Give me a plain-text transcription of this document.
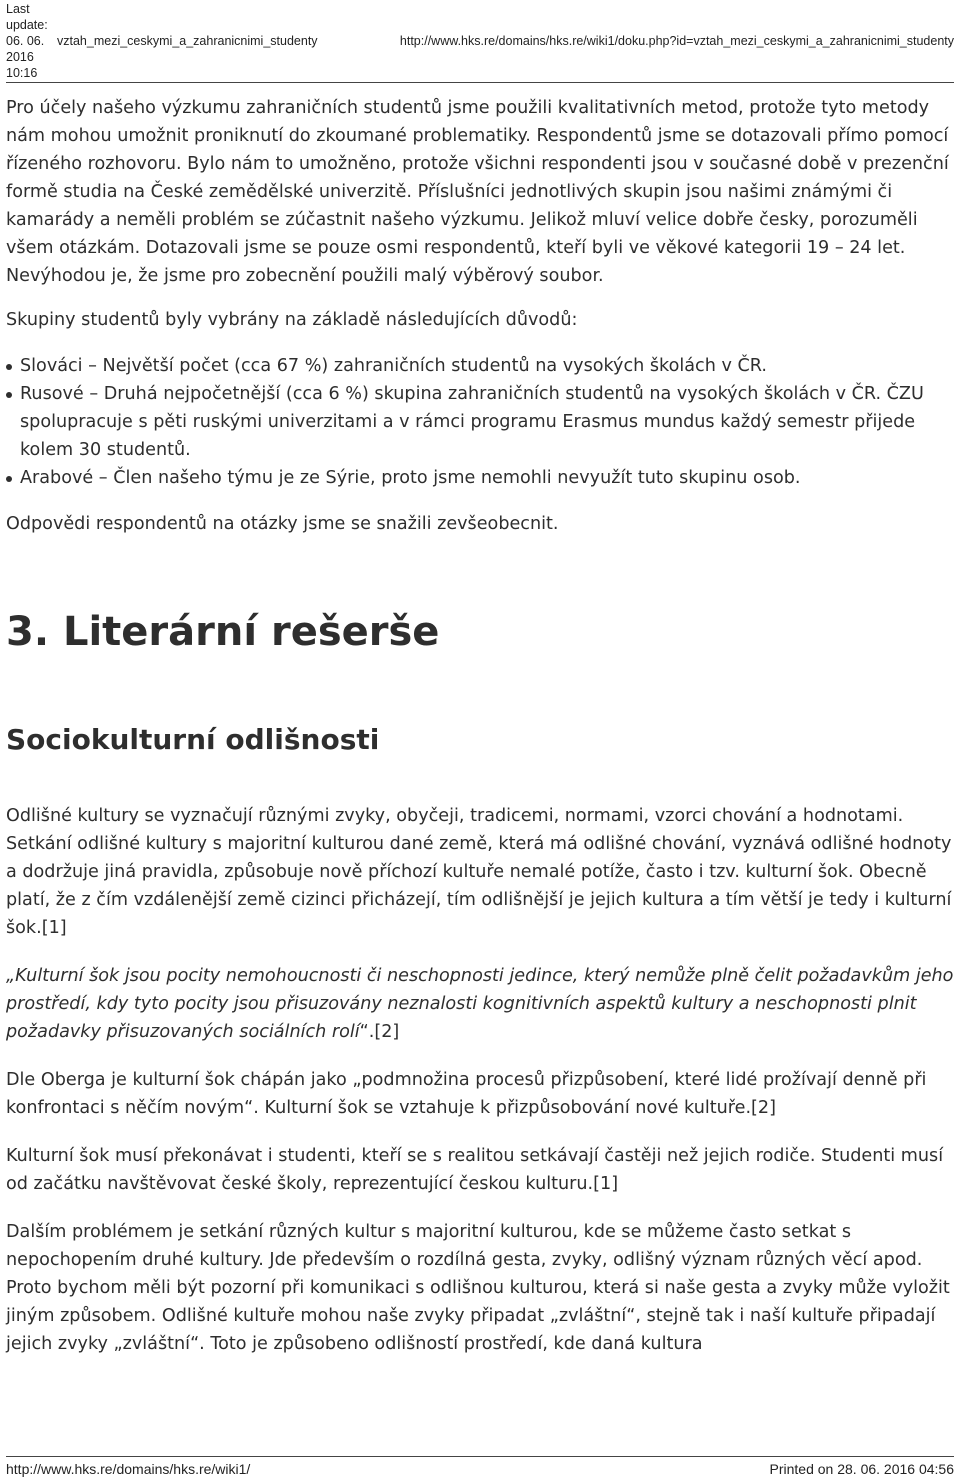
Last
update:
06. 06.
2016
10:16
vztah_mezi_ceskymi_a_zahranicnimi_studenty	http://www.hks.re/domains/hks.re/wiki1/doku.php?id=vztah_mezi_ceskymi_a_zahranicnimi_studenty

Pro účely našeho výzkumu zahraničních studentů jsme použili kvalitativních metod, protože tyto metody nám mohou umožnit proniknutí do zkoumané problematiky. Respondentů jsme se dotazovali přímo pomocí řízeného rozhovoru. Bylo nám to umožněno, protože všichni respondenti jsou v současné době v prezenční formě studia na České zemědělské univerzitě. Příslušníci jednotlivých skupin jsou našimi známými či kamarády a neměli problém se zúčastnit našeho výzkumu. Jelikož mluví velice dobře česky, porozuměli všem otázkám. Dotazovali jsme se pouze osmi respondentů, kteří byli ve věkové kategorii 19 – 24 let. Nevýhodou je, že jsme pro zobecnění použili malý výběrový soubor.

Skupiny studentů byly vybrány na základě následujících důvodů:

Slováci – Největší počet (cca 67 %) zahraničních studentů na vysokých školách v ČR.
Rusové – Druhá nejpočetnější (cca 6 %) skupina zahraničních studentů na vysokých školách v ČR. ČZU spolupracuje s pěti ruskými univerzitami a v rámci programu Erasmus mundus každý semestr přijede kolem 30 studentů.
Arabové – Člen našeho týmu je ze Sýrie, proto jsme nemohli nevyužít tuto skupinu osob.

Odpovědi respondentů na otázky jsme se snažili zevšeobecnit.

3. Literární rešerše
Sociokulturní odlišnosti

Odlišné kultury se vyznačují různými zvyky, obyčeji, tradicemi, normami, vzorci chování a hodnotami. Setkání odlišné kultury s majoritní kulturou dané země, která má odlišné chování, vyznává odlišné hodnoty a dodržuje jiná pravidla, způsobuje nově příchozí kultuře nemalé potíže, často i tzv. kulturní šok. Obecně platí, že z čím vzdálenější země cizinci přicházejí, tím odlišnější je jejich kultura a tím větší je tedy i kulturní šok.[1]

„Kulturní šok jsou pocity nemohoucnosti či neschopnosti jedince, který nemůže plně čelit požadavkům jeho prostředí, kdy tyto pocity jsou přisuzovány neznalosti kognitivních aspektů kultury a neschopnosti plnit požadavky přisuzovaných sociálních rolí“.[2]

Dle Oberga je kulturní šok chápán jako „podmnožina procesů přizpůsobení, které lidé prožívají denně při konfrontaci s něčím novým“. Kulturní šok se vztahuje k přizpůsobování nové kultuře.[2]

Kulturní šok musí překonávat i studenti, kteří se s realitou setkávají častěji než jejich rodiče. Studenti musí od začátku navštěvovat české školy, reprezentující českou kulturu.[1]

Dalším problémem je setkání různých kultur s majoritní kulturou, kde se můžeme často setkat s nepochopením druhé kultury. Jde především o rozdílná gesta, zvyky, odlišný význam různých věcí apod. Proto bychom měli být pozorní při komunikaci s odlišnou kulturou, která si naše gesta a zvyky může vyložit jiným způsobem. Odlišné kultuře mohou naše zvyky připadat „zvláštní“, stejně tak i naší kultuře připadají jejich zvyky „zvláštní“. Toto je způsobeno odlišností prostředí, kde daná kultura

http://www.hks.re/domains/hks.re/wiki1/	Printed on 28. 06. 2016 04:56
